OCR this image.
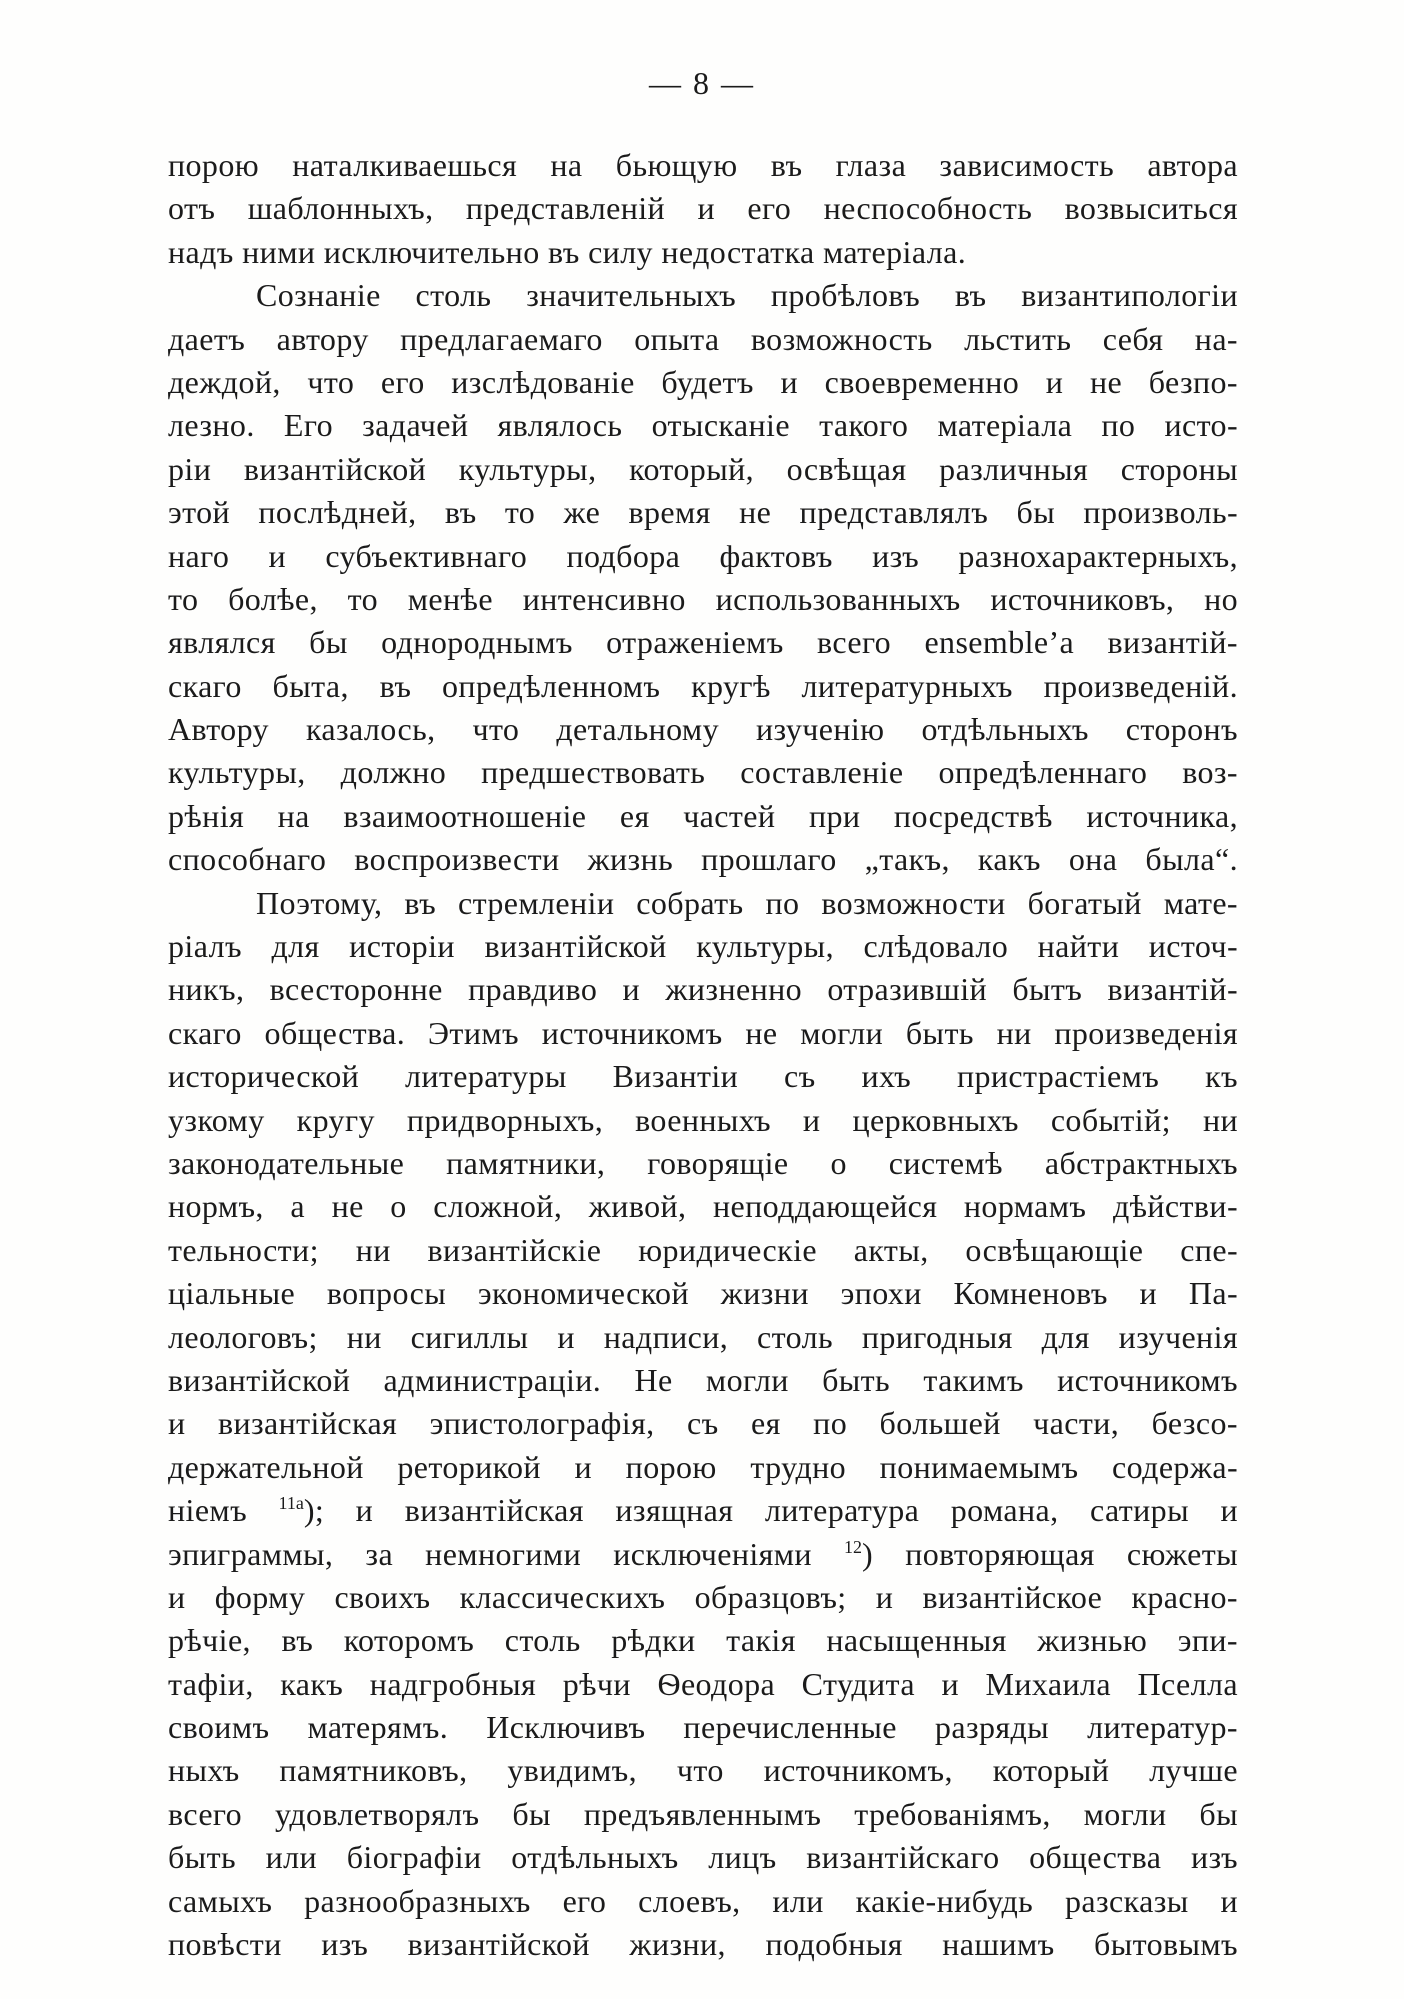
— 8 —
порою наталкиваешься на бьющую въ глаза зависимость автора
отъ шаблонныхъ, представленій и его неспособность возвыситься
надъ ними исключительно въ силу недостатка матеріала.
Сознаніе столь значительныхъ пробѣловъ въ византипологіи
даетъ автору предлагаемаго опыта возможность льстить себя на-
деждой, что его изслѣдованіе будетъ и своевременно и не безпо-
лезно. Его задачей являлось отысканіе такого матеріала по исто-
ріи византійской культуры, который, освѣщая различныя стороны
этой послѣдней, въ то же время не представлялъ бы произволь-
наго и субъективнаго подбора фактовъ изъ разнохарактерныхъ,
то болѣе, то менѣе интенсивно использованныхъ источниковъ, но
являлся бы однороднымъ отраженіемъ всего ensemble’а византій-
скаго быта, въ опредѣленномъ кругѣ литературныхъ произведеній.
Автору казалось, что детальному изученію отдѣльныхъ сторонъ
культуры, должно предшествовать составленіе опредѣленнаго воз-
рѣнія на взаимоотношеніе ея частей при посредствѣ источника,
способнаго воспроизвести жизнь прошлаго „такъ, какъ она была“.
Поэтому, въ стремленіи собрать по возможности богатый мате-
ріалъ для исторіи византійской культуры, слѣдовало найти источ-
никъ, всесторонне правдиво и жизненно отразившій бытъ византій-
скаго общества. Этимъ источникомъ не могли быть ни произведенія
исторической литературы Византіи съ ихъ пристрастіемъ къ
узкому кругу придворныхъ, военныхъ и церковныхъ событій; ни
законодательные памятники, говорящіе о системѣ абстрактныхъ
нормъ, а не о сложной, живой, неподдающейся нормамъ дѣйстви-
тельности; ни византійскіе юридическіе акты, освѣщающіе спе-
ціальные вопросы экономической жизни эпохи Комненовъ и Па-
леологовъ; ни сигиллы и надписи, столь пригодныя для изученія
византійской администраціи. Не могли быть такимъ источникомъ
и византійская эпистолографія, съ ея по большей части, безсо-
держательной реторикой и порою трудно понимаемымъ содержа-
ніемъ $^{11a}$); и византійская изящная литература романа, сатиры и
эпиграммы, за немногими исключеніями $^{12}$) повторяющая сюжеты
и форму своихъ классическихъ образцовъ; и византійское красно-
рѣчіе, въ которомъ столь рѣдки такія насыщенныя жизнью эпи-
тафіи, какъ надгробныя рѣчи Ѳеодора Студита и Михаила Пселла
своимъ матерямъ. Исключивъ перечисленные разряды литератур-
ныхъ памятниковъ, увидимъ, что источникомъ, который лучше
всего удовлетворялъ бы предъявленнымъ требованіямъ, могли бы
быть или біографіи отдѣльныхъ лицъ византійскаго общества изъ
самыхъ разнообразныхъ его слоевъ, или какіе-нибудь разсказы и
повѣсти изъ византійской жизни, подобныя нашимъ бытовымъ
